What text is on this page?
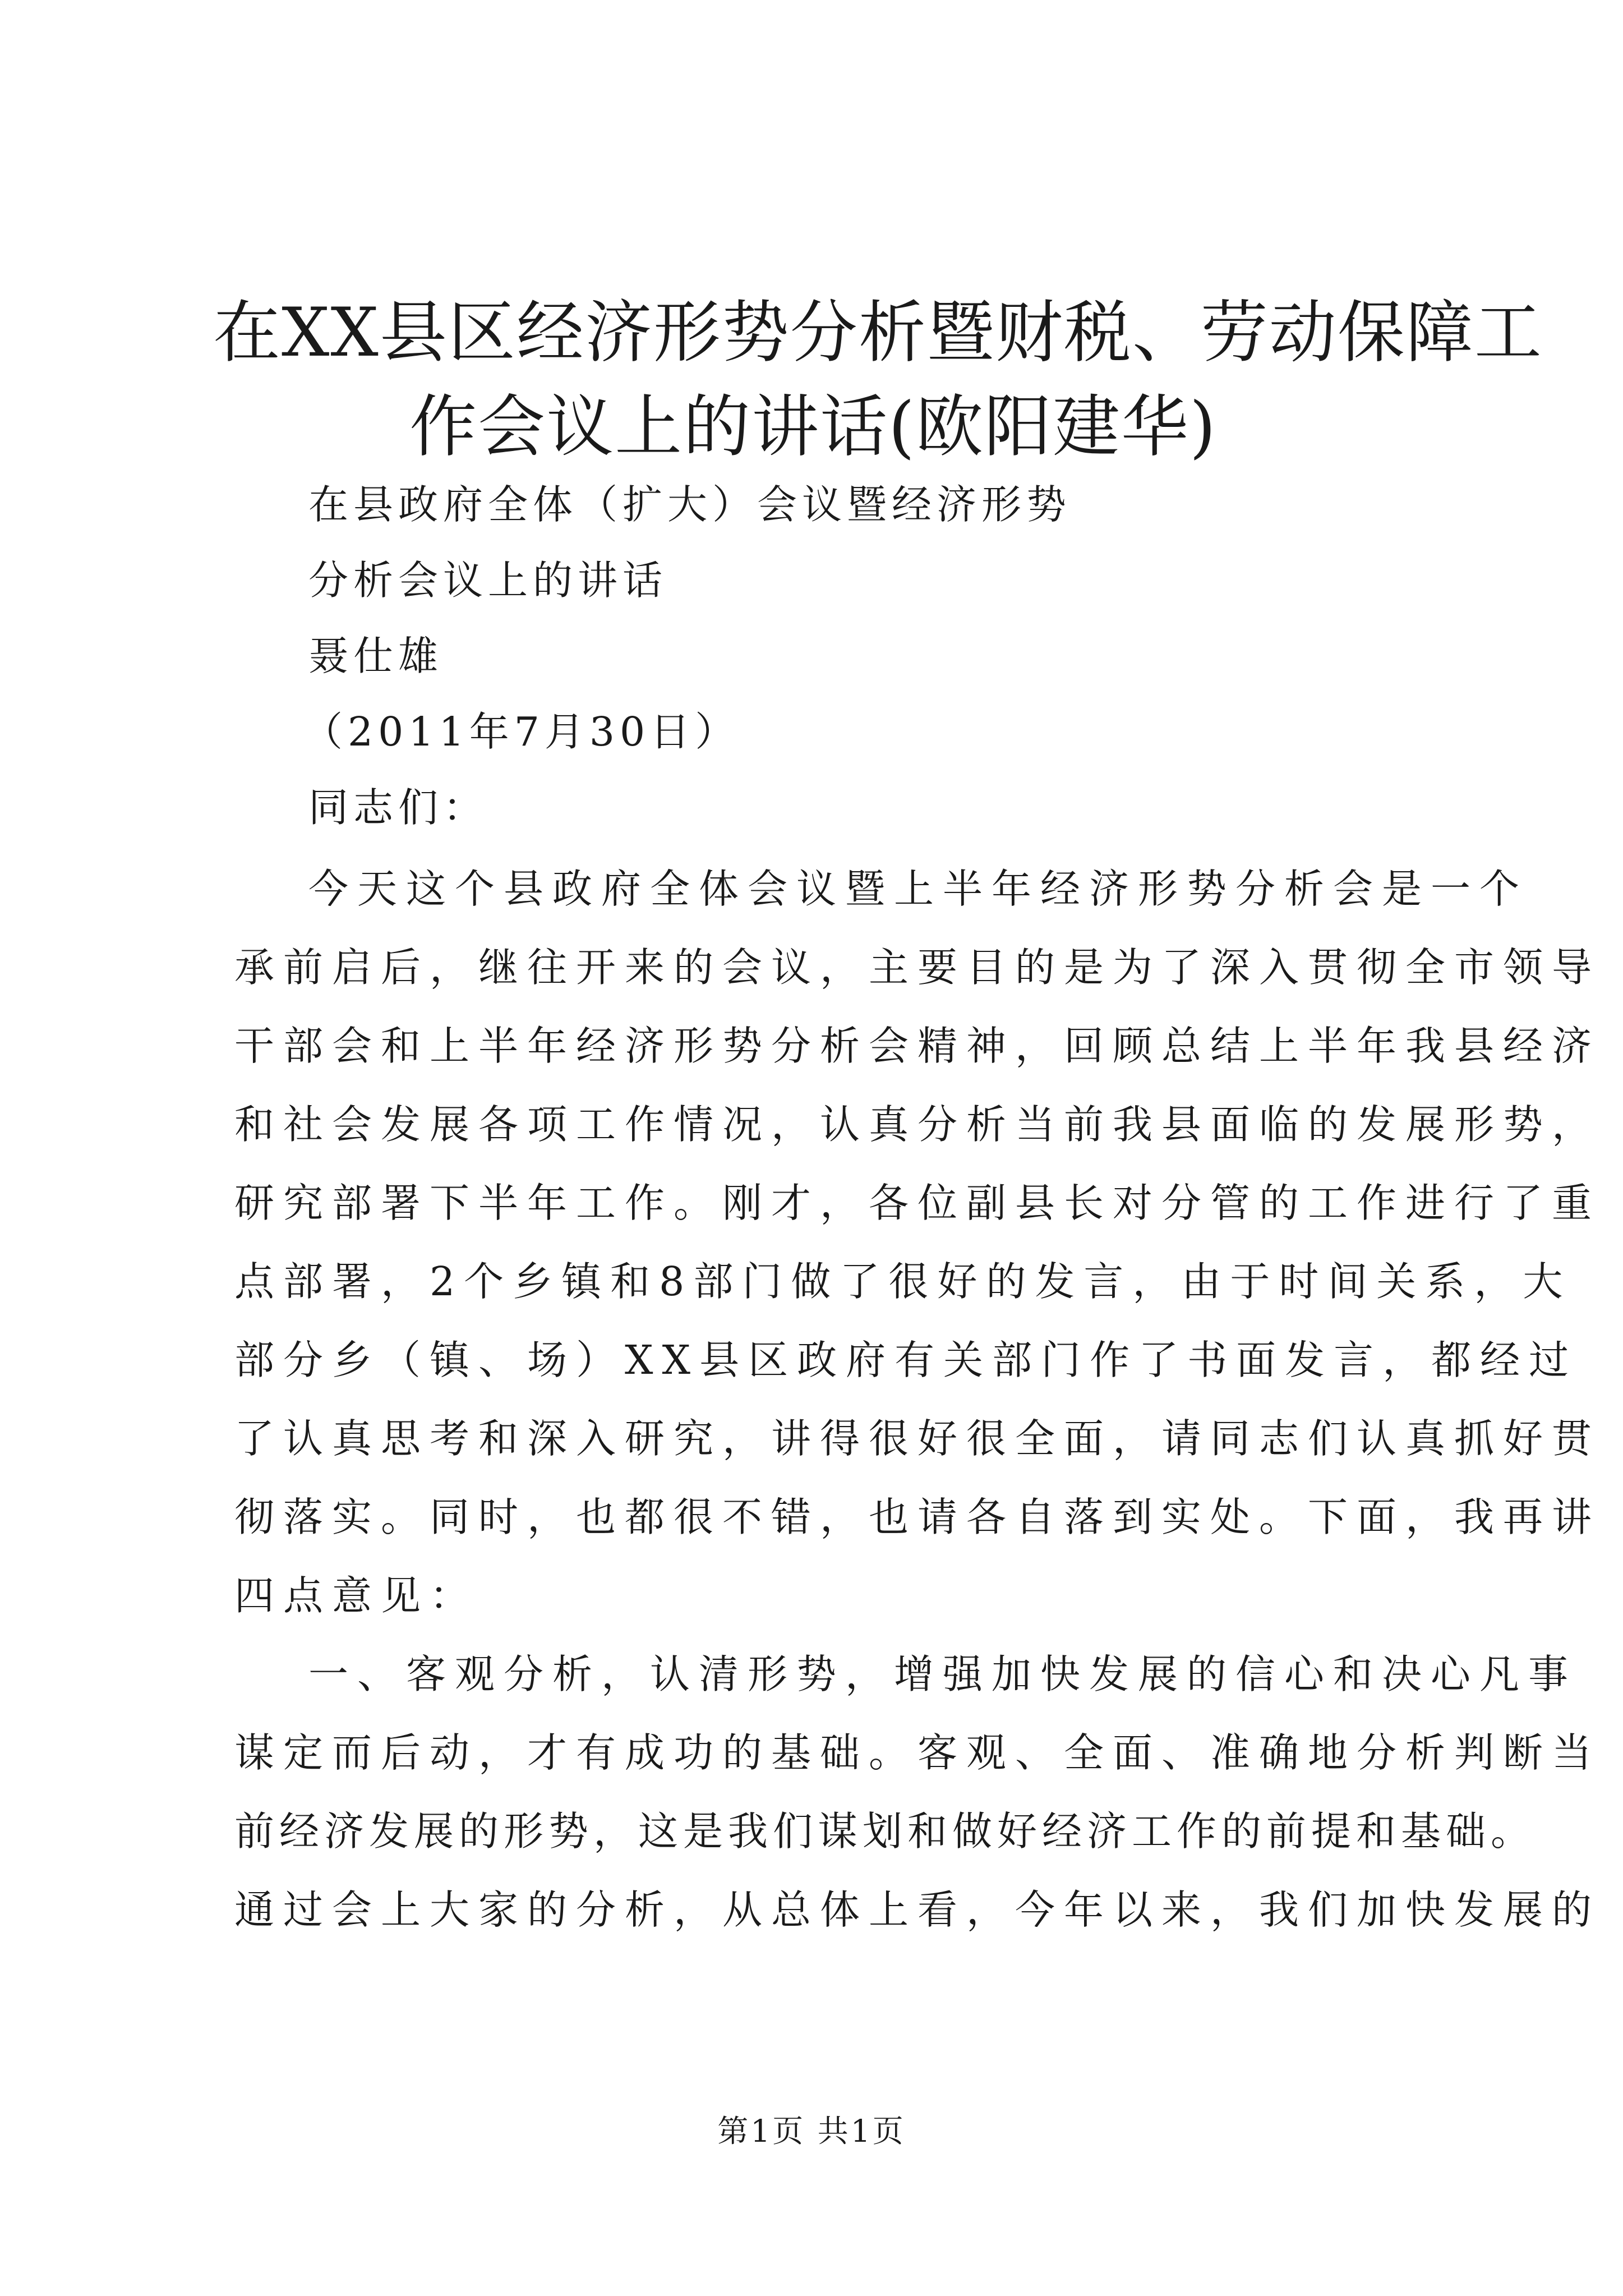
在XX县区经济形势分析暨财税、劳动保障工
作会议上的讲话(欧阳建华)
在县政府全体（扩大）会议暨经济形势
分析会议上的讲话
聂仕雄
（2011年7月30日）
同志们：
今天这个县政府全体会议暨上半年经济形势分析会是一个
承前启后，继往开来的会议，主要目的是为了深入贯彻全市领导
干部会和上半年经济形势分析会精神，回顾总结上半年我县经济
和社会发展各项工作情况，认真分析当前我县面临的发展形势，
研究部署下半年工作。刚才，各位副县长对分管的工作进行了重
点部署，2个乡镇和8部门做了很好的发言，由于时间关系，大
部分乡（镇、场）XX县区政府有关部门作了书面发言，都经过
了认真思考和深入研究，讲得很好很全面，请同志们认真抓好贯
彻落实。同时，也都很不错，也请各自落到实处。下面，我再讲
四点意见：
一、客观分析，认清形势，增强加快发展的信心和决心凡事
谋定而后动，才有成功的基础。客观、全面、准确地分析判断当
前经济发展的形势，这是我们谋划和做好经济工作的前提和基础。
通过会上大家的分析，从总体上看，今年以来，我们加快发展的
第1页 共1页
